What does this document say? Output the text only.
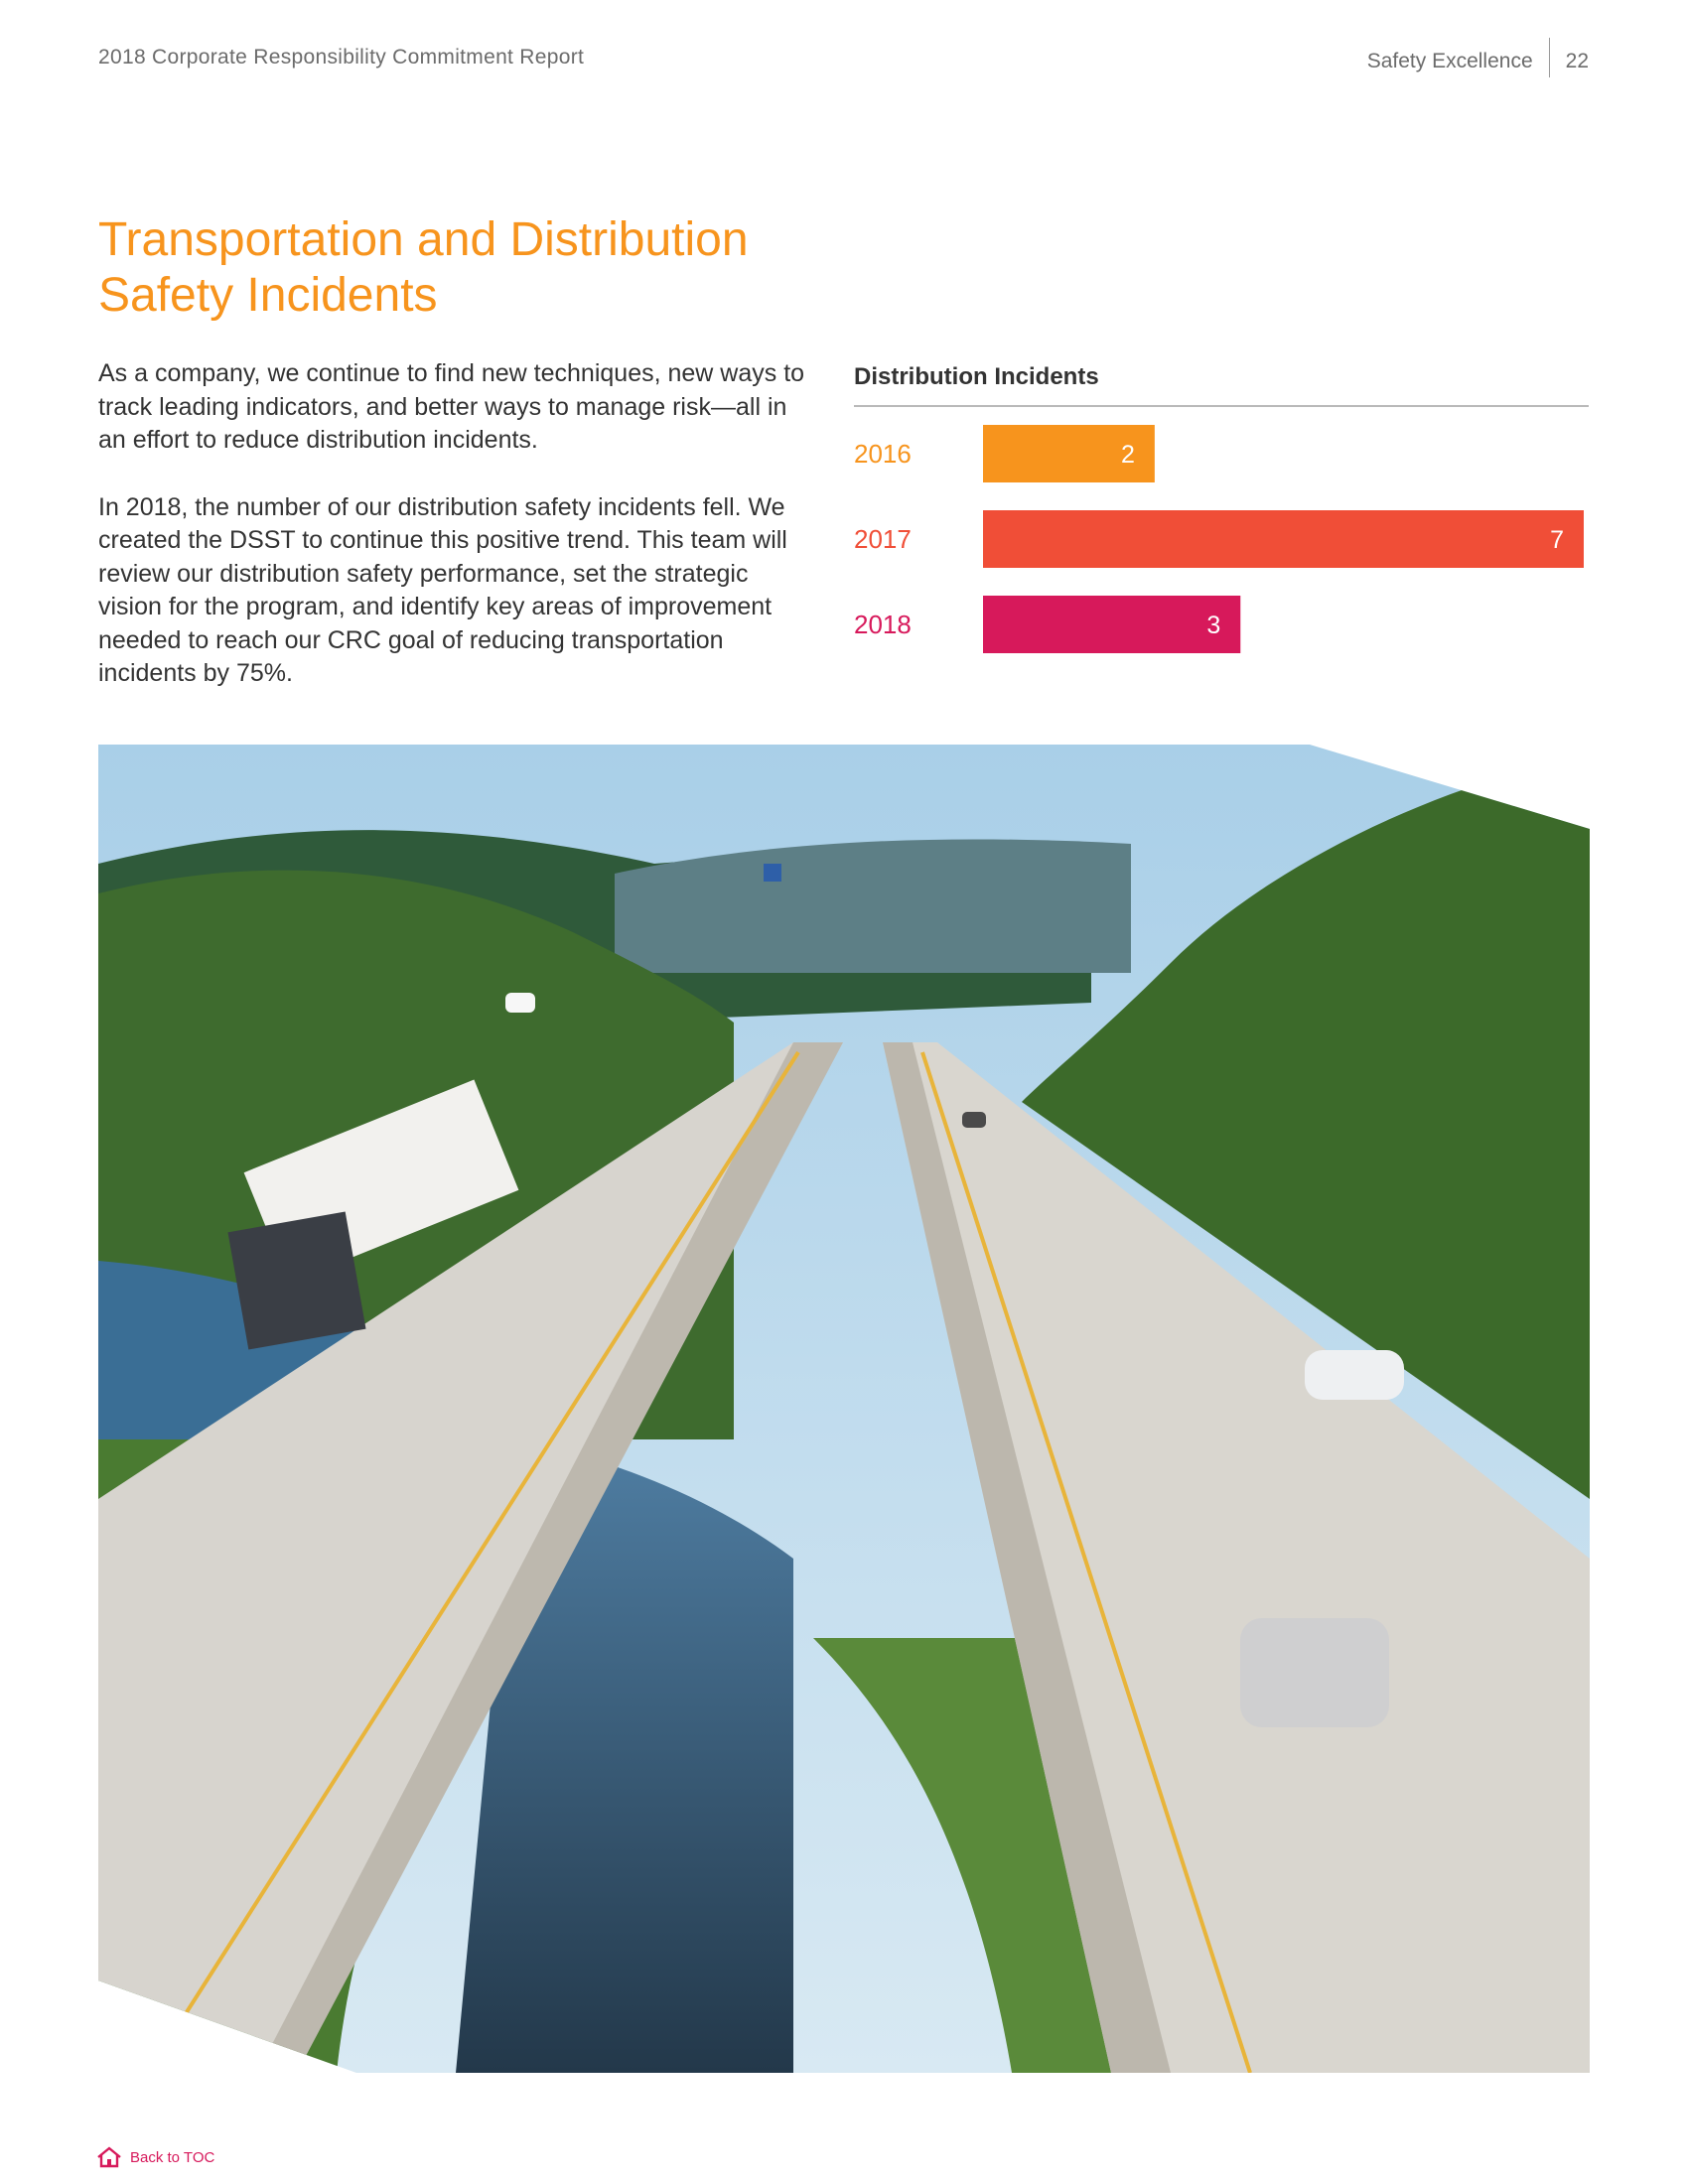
2018 Corporate Responsibility Commitment Report	Safety Excellence 22
Transportation and Distribution
Safety Incidents

As a company, we continue to find new techniques, new ways to track leading indicators, and better ways to manage risk—all in an effort to reduce distribution incidents.

In 2018, the number of our distribution safety incidents fell. We created the DSST to continue this positive trend. This team will review our distribution safety performance, set the strategic vision for the program, and identify key areas of improvement needed to reach our CRC goal of reducing transportation incidents by 75%.

Distribution Incidents
2016	2
2017	7
2018	3
Back to TOC
